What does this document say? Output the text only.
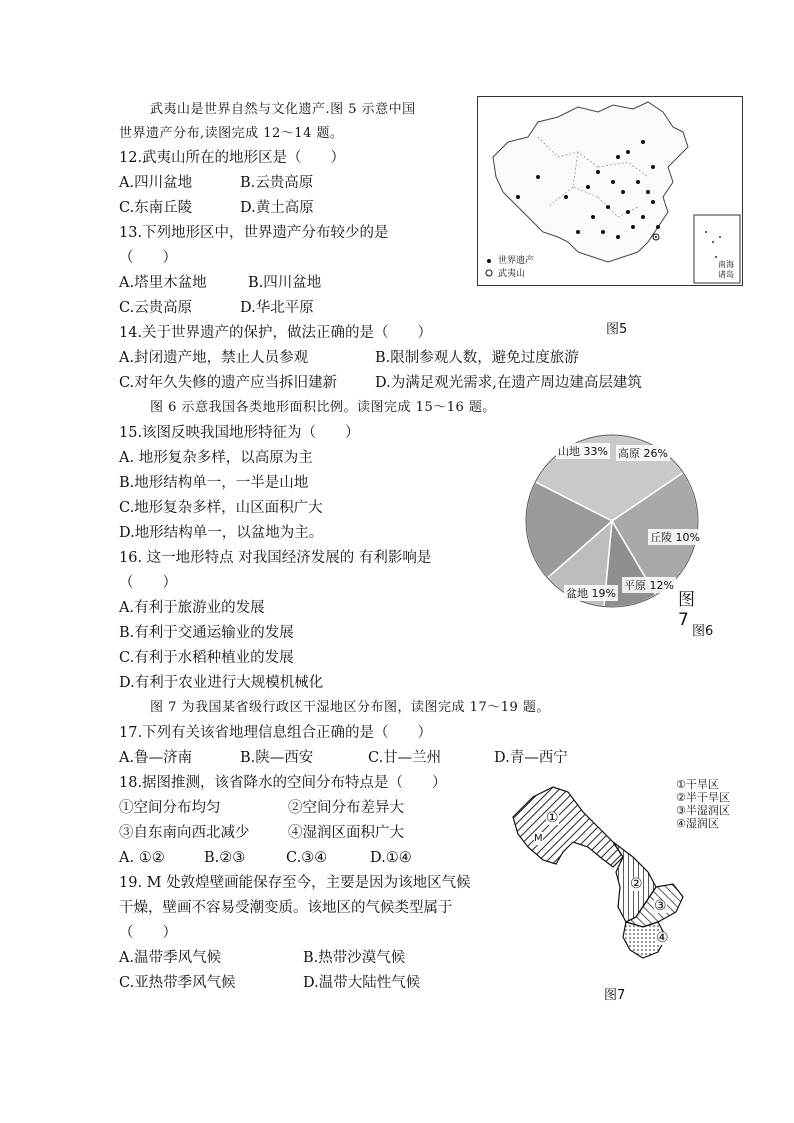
武夷山是世界自然与文化遗产.图 5 示意中国
世界遗产分布,读图完成 12～14 题。
12.武夷山所在的地形区是（　　）
A.四川盆地	B.云贵高原
C.东南丘陵	D.黄土高原
13.下列地形区中，世界遗产分布较少的是
（　　）
A.塔里木盆地	B.四川盆地
C.云贵高原	D.华北平原
14.关于世界遗产的保护，做法正确的是（　　）
A.封闭遗产地，禁止人员参观	B.限制参观人数，避免过度旅游
C.对年久失修的遗产应当拆旧建新	D.为满足观光需求,在遗产周边建高层建筑
世界遗产
武夷山
南海
诸岛
图5
图 6 示意我国各类地形面积比例。读图完成 15～16 题。
15.该图反映我国地形特征为（　　）
A. 地形复杂多样，以高原为主
B.地形结构单一，一半是山地
C.地形复杂多样，山区面积广大
D.地形结构单一，以盆地为主。
16. 这一地形特点 对我国经济发展的 有利影响是
（　　）
A.有利于旅游业的发展
B.有利于交通运输业的发展
C.有利于水稻种植业的发展
D.有利于农业进行大规模机械化
山地 33% 高原 26%
丘陵 10%
平原 12%
盆地 19%	图 7
图6
图 7 为我国某省级行政区干湿地区分布图，读图完成 17～19 题。
17.下列有关该省地理信息组合正确的是（　　）
A.鲁—济南	B.陕—西安	C.甘—兰州	D.青—西宁
18.据图推测，该省降水的空间分布特点是（　　）
①空间分布均匀	②空间分布差异大
③自东南向西北减少	④湿润区面积广大
A. ①②	B.②③	C.③④	D.①④
19. M 处敦煌壁画能保存至今，主要是因为该地区气候
干燥，壁画不容易受潮变质。该地区的气候类型属于
（　　）
A.温带季风气候	B.热带沙漠气候
C.亚热带季风气候	D.温带大陆性气候
①干旱区
②半干旱区
③半湿润区
④湿润区
①
M
②
③
④
图7
